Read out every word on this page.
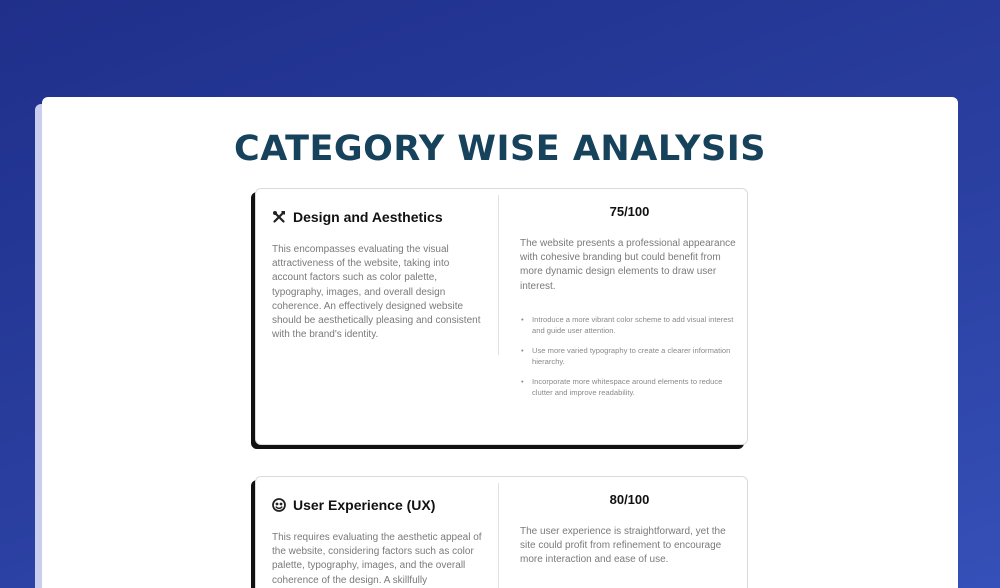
CATEGORY WISE ANALYSIS
Design and Aesthetics

This encompasses evaluating the visual attractiveness of the website, taking into account factors such as color palette, typography, images, and overall design coherence. An effectively designed website should be aesthetically pleasing and consistent with the brand's identity.

75/100

The website presents a professional appearance with cohesive branding but could benefit from more dynamic design elements to draw user interest.

• Introduce a more vibrant color scheme to add visual interest and guide user attention.
• Use more varied typography to create a clearer information hierarchy.
• Incorporate more whitespace around elements to reduce clutter and improve readability.
User Experience (UX)

This requires evaluating the aesthetic appeal of the website, considering factors such as color palette, typography, images, and the overall coherence of the design. A skillfully

80/100

The user experience is straightforward, yet the site could profit from refinement to encourage more interaction and ease of use.
